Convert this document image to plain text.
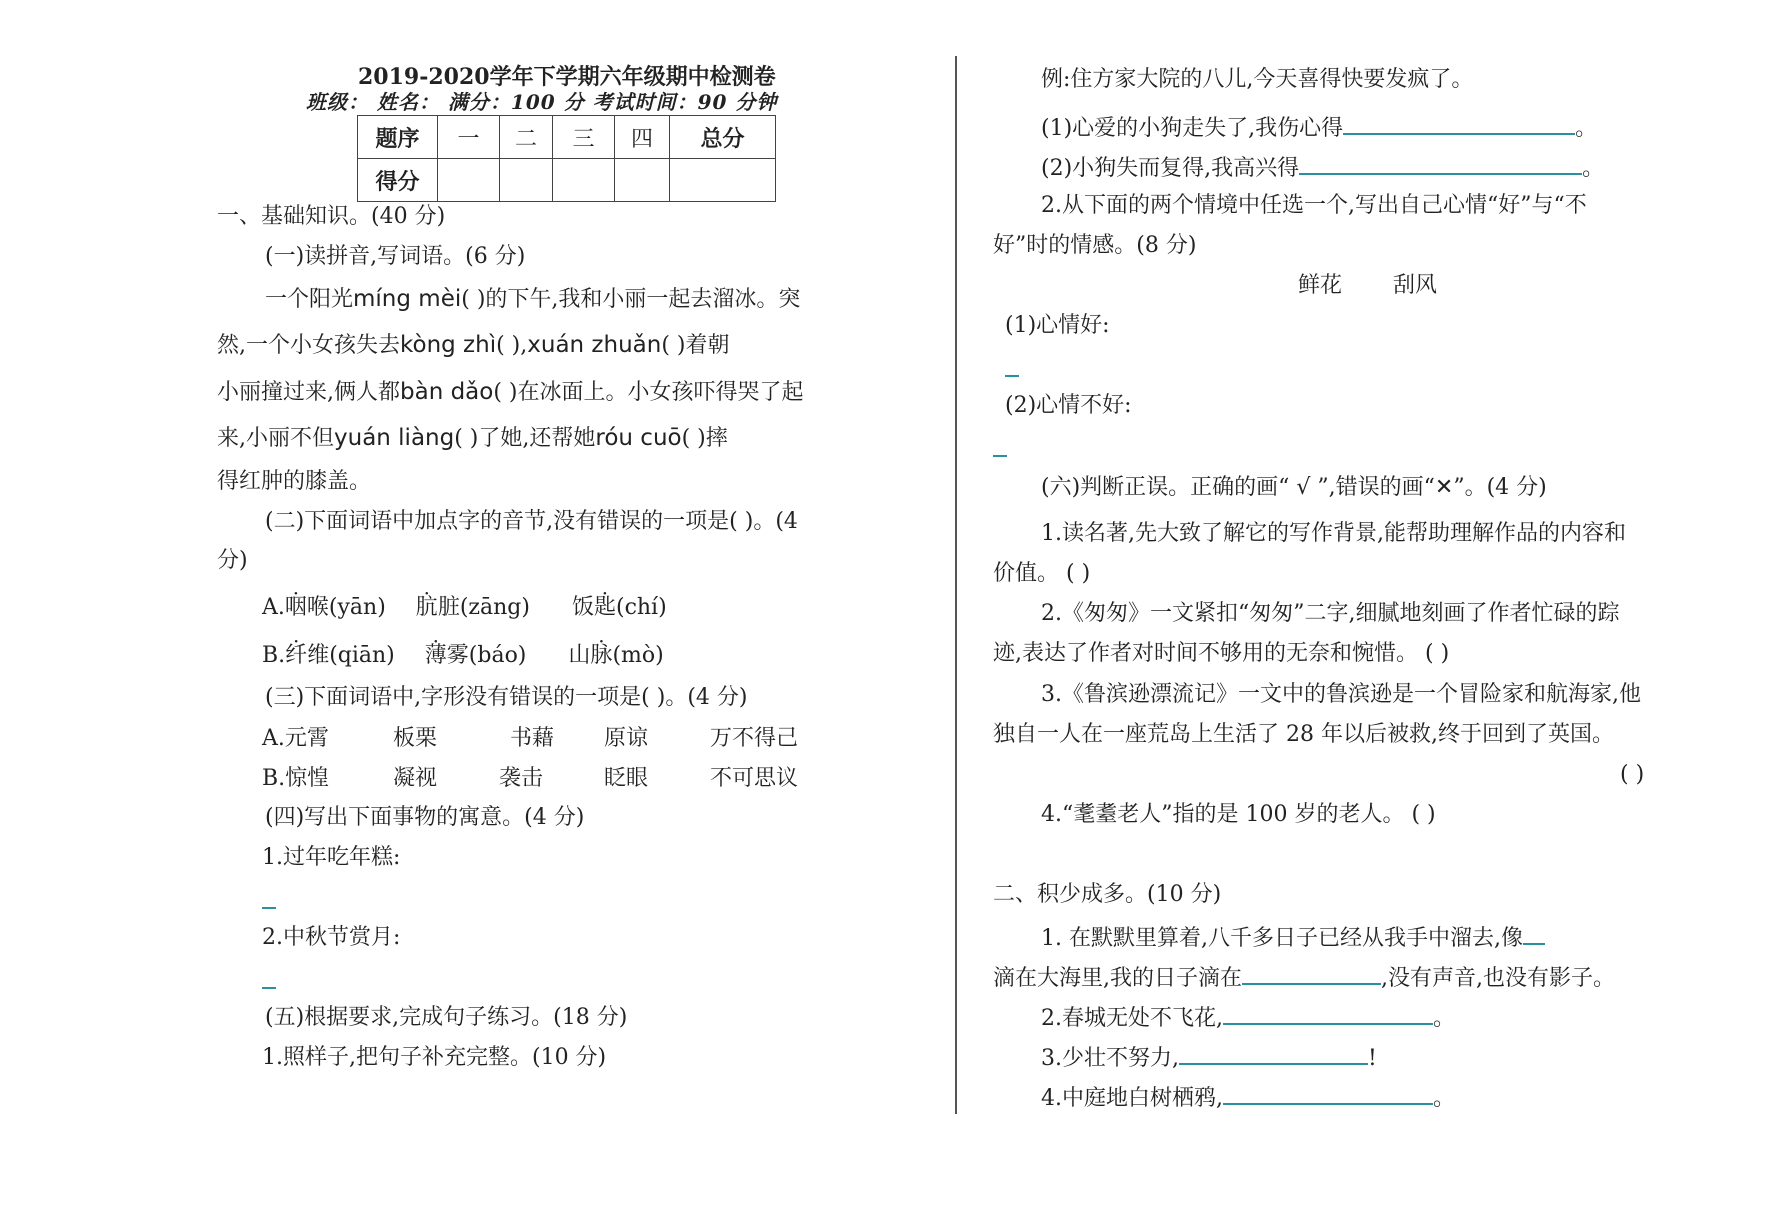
2019-2020学年下学期六年级期中检测卷
班级： 姓名： 满分：100 分 考试时间：90 分钟
题序	一	二	三	四	总分
得分					
一、基础知识。(40 分)
(一)读拼音,写词语。(6 分)
一个阳光míng mèi( )的下午,我和小丽一起去溜冰。突
然,一个小女孩失去kòng zhì( ),xuán zhuǎn( )着朝
小丽撞过来,俩人都bàn dǎo( )在冰面上。小女孩吓得哭了起
来,小丽不但yuán liàng( )了她,还帮她róu cuō( )摔
得红肿的膝盖。
(二)下面词语中加点字的音节,没有错误的一项是( )。(4
分)
A.咽喉(yān) 肮脏(zāng) 饭匙(chí)
B.纤维(qiān) 薄雾(báo) 山脉(mò)
(三)下面词语中,字形没有错误的一项是( )。(4 分)
A.元霄	板栗	书藉 原谅	万不得己
B.惊惶	凝视	袭击	眨眼	不可思议
(四)写出下面事物的寓意。(4 分)
1.过年吃年糕:
2.中秋节赏月:
(五)根据要求,完成句子练习。(18 分)
1.照样子,把句子补充完整。(10 分)
例:住方家大院的八儿,今天喜得快要发疯了。
(1)心爱的小狗走失了,我伤心得	。
(2)小狗失而复得,我高兴得	。
2.从下面的两个情境中任选一个,写出自己心情“好”与“不
好”时的情感。(8 分)
鲜花 刮风
(1)心情好:
(2)心情不好:
(六)判断正误。正确的画“ √ ”,错误的画“✕”。(4 分)
1.读名著,先大致了解它的写作背景,能帮助理解作品的内容和
价值。 ( )
2.《匆匆》一文紧扣“匆匆”二字,细腻地刻画了作者忙碌的踪
迹,表达了作者对时间不够用的无奈和惋惜。 ( )
3.《鲁滨逊漂流记》一文中的鲁滨逊是一个冒险家和航海家,他
独自一人在一座荒岛上生活了 28 年以后被救,终于回到了英国。
( )
4.“耄耋老人”指的是 100 岁的老人。 ( )
二、积少成多。(10 分)
1. 在默默里算着,八千多日子已经从我手中溜去,像
滴在大海里,我的日子滴在	,没有声音,也没有影子。
2.春城无处不飞花,	。
3.少壮不努力,	!
4.中庭地白树栖鸦,	。
